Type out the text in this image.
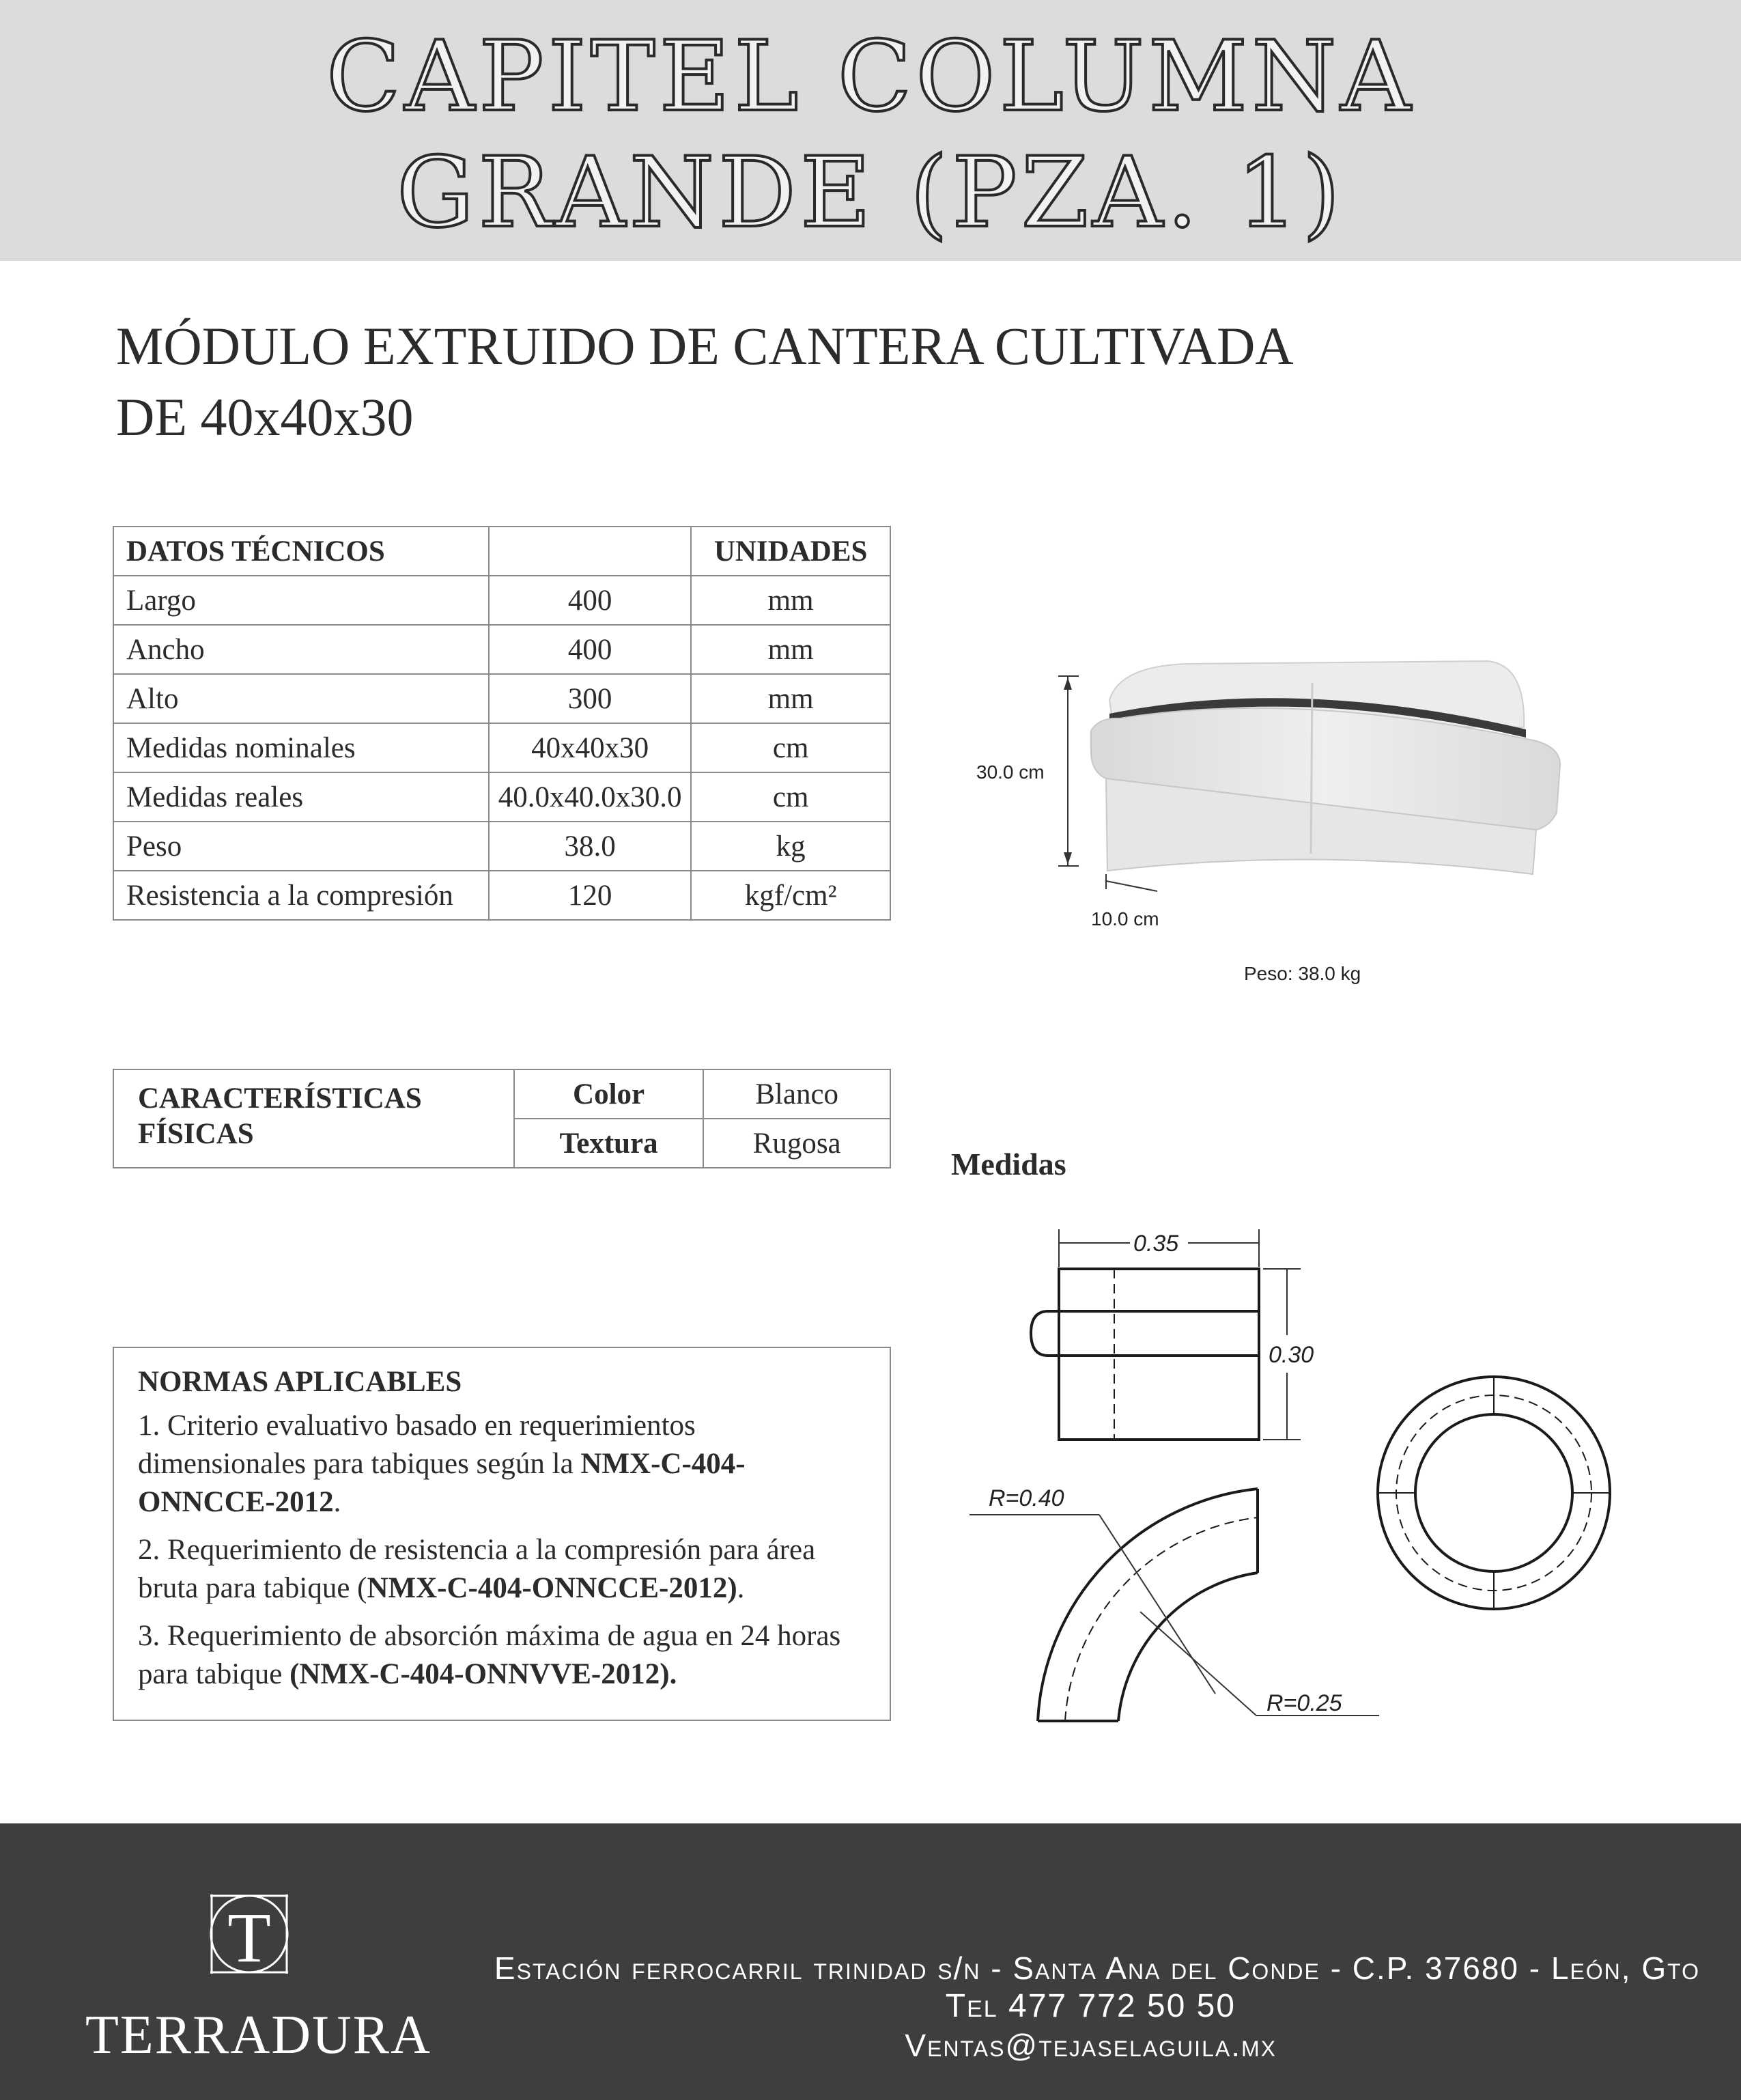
CAPITEL COLUMNA
GRANDE (PZA. 1)
MÓDULO EXTRUIDO DE CANTERA CULTIVADA
DE 40x40x30
DATOS TÉCNICOS		UNIDADES
Largo	400	mm
Ancho	400	mm
Alto	300	mm
Medidas nominales	40x40x30	cm
Medidas reales	40.0x40.0x30.0	cm
Peso	38.0	kg
Resistencia a la compresión	120	kgf/cm²
30.0 cm
10.0 cm
Peso: 38.0 kg
CARACTERÍSTICAS FÍSICAS	Color	Blanco
	Textura	Rugosa
Medidas
0.35
0.30
R=0.40
R=0.25
NORMAS APLICABLES

1. Criterio evaluativo basado en requerimientos dimensionales para tabiques según la NMX-C-404-ONNCCE-2012.

2. Requerimiento de resistencia a la compresión para área bruta para tabique (NMX-C-404-ONNCCE-2012).

3. Requerimiento de absorción máxima de agua en 24 horas para tabique (NMX-C-404-ONNVVE-2012).

T
TERRADURA
Estación ferrocarril trinidad s/n - Santa Ana del Conde - C.P. 37680 - León, Gto
Tel 477 772 50 50
Ventas@tejaselaguila.mx
